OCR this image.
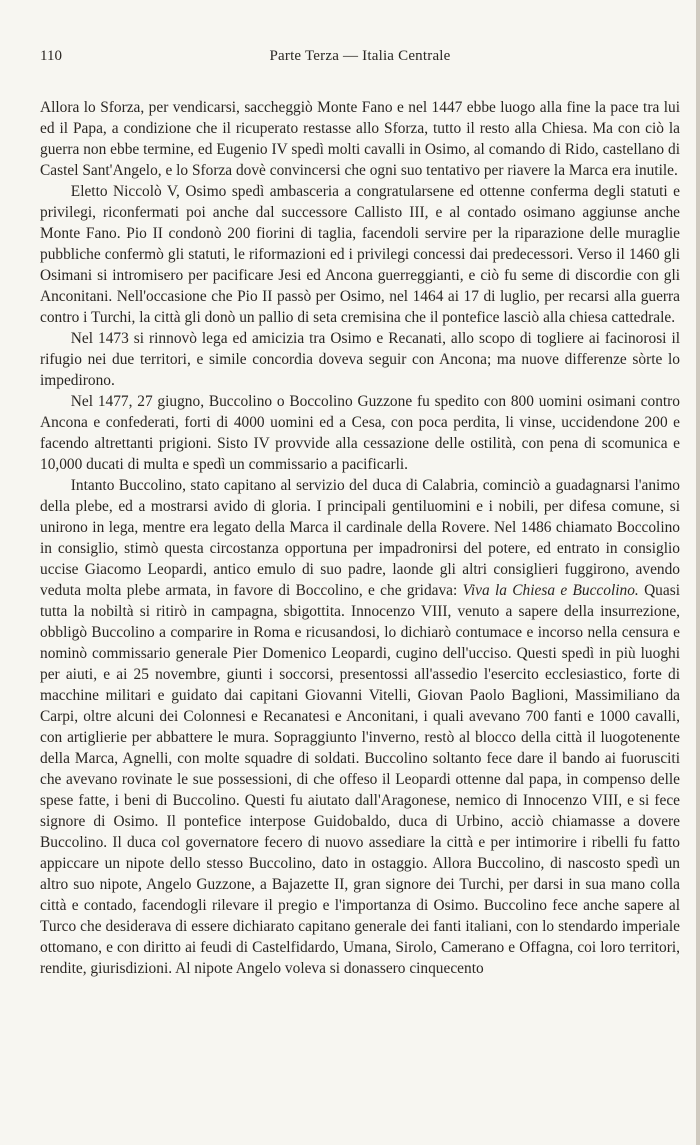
110	Parte Terza — Italia Centrale

Allora lo Sforza, per vendicarsi, saccheggiò Monte Fano e nel 1447 ebbe luogo alla fine la pace tra lui ed il Papa, a condizione che il ricuperato restasse allo Sforza, tutto il resto alla Chiesa. Ma con ciò la guerra non ebbe termine, ed Eugenio IV spedì molti cavalli in Osimo, al comando di Rido, castellano di Castel Sant'Angelo, e lo Sforza dovè convincersi che ogni suo tentativo per riavere la Marca era inutile.

Eletto Niccolò V, Osimo spedì ambasceria a congratularsene ed ottenne conferma degli statuti e privilegi, riconfermati poi anche dal successore Callisto III, e al contado osimano aggiunse anche Monte Fano. Pio II condonò 200 fiorini di taglia, facendoli servire per la riparazione delle muraglie pubbliche confermò gli statuti, le riformazioni ed i privilegi concessi dai predecessori. Verso il 1460 gli Osimani si intromisero per pacificare Jesi ed Ancona guerreggianti, e ciò fu seme di discordie con gli Anconitani. Nell'occasione che Pio II passò per Osimo, nel 1464 ai 17 di luglio, per recarsi alla guerra contro i Turchi, la città gli donò un pallio di seta cremisina che il pontefice lasciò alla chiesa cattedrale.

Nel 1473 si rinnovò lega ed amicizia tra Osimo e Recanati, allo scopo di togliere ai facinorosi il rifugio nei due territori, e simile concordia doveva seguir con Ancona; ma nuove differenze sòrte lo impedirono.

Nel 1477, 27 giugno, Buccolino o Boccolino Guzzone fu spedito con 800 uomini osimani contro Ancona e confederati, forti di 4000 uomini ed a Cesa, con poca perdita, li vinse, uccidendone 200 e facendo altrettanti prigioni. Sisto IV provvide alla cessazione delle ostilità, con pena di scomunica e 10,000 ducati di multa e spedì un commissario a pacificarli.

Intanto Buccolino, stato capitano al servizio del duca di Calabria, cominciò a guadagnarsi l'animo della plebe, ed a mostrarsi avido di gloria. I principali gentiluomini e i nobili, per difesa comune, si unirono in lega, mentre era legato della Marca il cardinale della Rovere. Nel 1486 chiamato Boccolino in consiglio, stimò questa circostanza opportuna per impadronirsi del potere, ed entrato in consiglio uccise Giacomo Leopardi, antico emulo di suo padre, laonde gli altri consiglieri fuggirono, avendo veduta molta plebe armata, in favore di Boccolino, e che gridava: Viva la Chiesa e Buccolino. Quasi tutta la nobiltà si ritirò in campagna, sbigottita. Innocenzo VIII, venuto a sapere della insurrezione, obbligò Buccolino a comparire in Roma e ricusandosi, lo dichiarò contumace e incorso nella censura e nominò commissario generale Pier Domenico Leopardi, cugino dell'ucciso. Questi spedì in più luoghi per aiuti, e ai 25 novembre, giunti i soccorsi, presentossi all'assedio l'esercito ecclesiastico, forte di macchine militari e guidato dai capitani Giovanni Vitelli, Giovan Paolo Baglioni, Massimiliano da Carpi, oltre alcuni dei Colonnesi e Recanatesi e Anconitani, i quali avevano 700 fanti e 1000 cavalli, con artiglierie per abbattere le mura. Sopraggiunto l'inverno, restò al blocco della città il luogotenente della Marca, Agnelli, con molte squadre di soldati. Buccolino soltanto fece dare il bando ai fuorusciti che avevano rovinate le sue possessioni, di che offeso il Leopardi ottenne dal papa, in compenso delle spese fatte, i beni di Buccolino. Questi fu aiutato dall'Aragonese, nemico di Innocenzo VIII, e si fece signore di Osimo. Il pontefice interpose Guidobaldo, duca di Urbino, acciò chiamasse a dovere Buccolino. Il duca col governatore fecero di nuovo assediare la città e per intimorire i ribelli fu fatto appiccare un nipote dello stesso Buccolino, dato in ostaggio. Allora Buccolino, di nascosto spedì un altro suo nipote, Angelo Guzzone, a Bajazette II, gran signore dei Turchi, per darsi in sua mano colla città e contado, facendogli rilevare il pregio e l'importanza di Osimo. Buccolino fece anche sapere al Turco che desiderava di essere dichiarato capitano generale dei fanti italiani, con lo stendardo imperiale ottomano, e con diritto ai feudi di Castelfidardo, Umana, Sirolo, Camerano e Offagna, coi loro territori, rendite, giurisdizioni. Al nipote Angelo voleva si donassero cinquecento
